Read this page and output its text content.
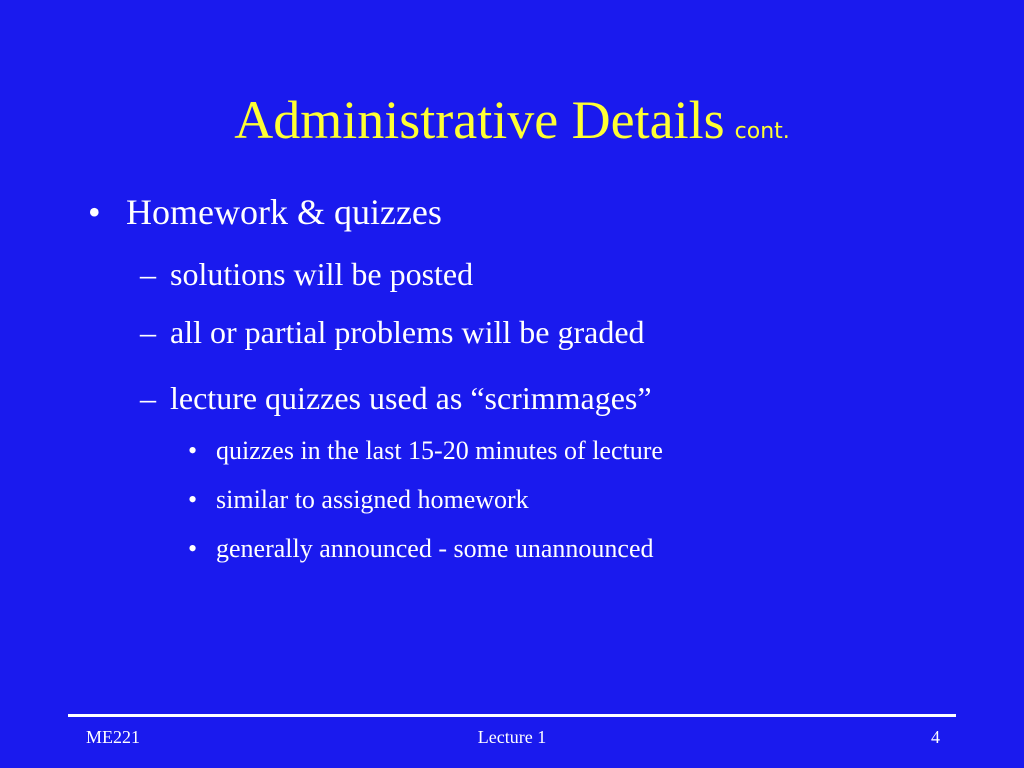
Administrative Details cont.
• Homework & quizzes
– solutions will be posted
– all or partial problems will be graded
– lecture quizzes used as “scrimmages”
• quizzes in the last 15-20 minutes of lecture
• similar to assigned homework
• generally announced - some unannounced
ME221	Lecture 1	4
